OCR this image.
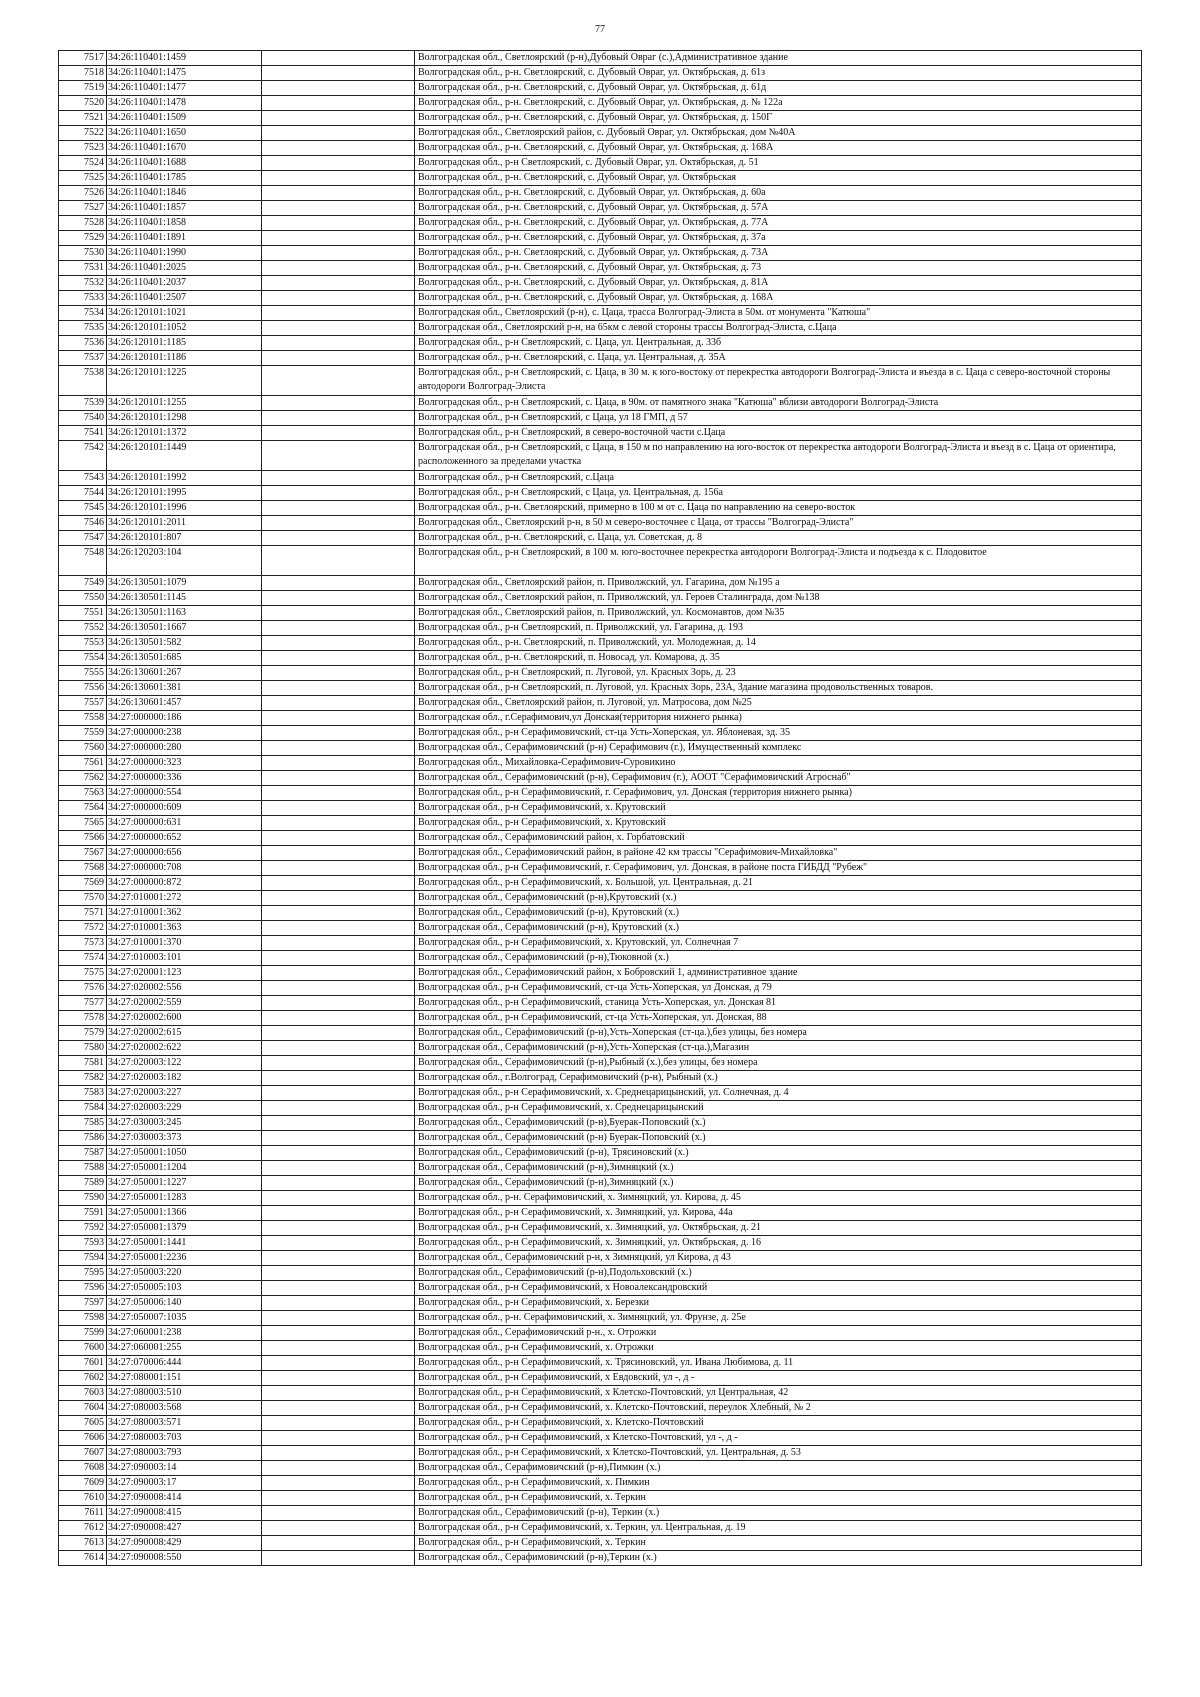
77
7517	34:26:110401:1459		Волгоградская обл., Светлоярский (р-н),Дубовый Овраг (с.),Административное здание
7518	34:26:110401:1475		Волгоградская обл., р-н. Светлоярский, с. Дубовый Овраг, ул. Октябрьская, д. 61з
7519	34:26:110401:1477		Волгоградская обл., р-н. Светлоярский, с. Дубовый Овраг, ул. Октябрьская, д. 61д
7520	34:26:110401:1478		Волгоградская обл., р-н. Светлоярский, с. Дубовый Овраг, ул. Октябрьская, д. № 122а
7521	34:26:110401:1509		Волгоградская обл., р-н. Светлоярский, с. Дубовый Овраг, ул. Октябрьская, д. 150Г
7522	34:26:110401:1650		Волгоградская обл., Светлоярский район, с. Дубовый Овраг, ул. Октябрьская, дом №40А
7523	34:26:110401:1670		Волгоградская обл., р-н. Светлоярский, с. Дубовый Овраг, ул. Октябрьская, д. 168А
7524	34:26:110401:1688		Волгоградская обл., р-н Светлоярский, с. Дубовый Овраг, ул. Октябрьская, д. 51
7525	34:26:110401:1785		Волгоградская обл., р-н. Светлоярский, с. Дубовый Овраг, ул. Октябрьская
7526	34:26:110401:1846		Волгоградская обл., р-н. Светлоярский, с. Дубовый Овраг, ул. Октябрьская, д. 60а
7527	34:26:110401:1857		Волгоградская обл., р-н. Светлоярский, с. Дубовый Овраг, ул. Октябрьская, д. 57А
7528	34:26:110401:1858		Волгоградская обл., р-н. Светлоярский, с. Дубовый Овраг, ул. Октябрьская, д. 77А
7529	34:26:110401:1891		Волгоградская обл., р-н. Светлоярский, с. Дубовый Овраг, ул. Октябрьская, д. 37а
7530	34:26:110401:1990		Волгоградская обл., р-н. Светлоярский, с. Дубовый Овраг, ул. Октябрьская, д. 73А
7531	34:26:110401:2025		Волгоградская обл., р-н. Светлоярский, с. Дубовый Овраг, ул. Октябрьская, д. 73
7532	34:26:110401:2037		Волгоградская обл., р-н. Светлоярский, с. Дубовый Овраг, ул. Октябрьская, д. 81А
7533	34:26:110401:2507		Волгоградская обл., р-н. Светлоярский, с. Дубовый Овраг, ул. Октябрьская, д. 168А
7534	34:26:120101:1021		Волгоградская обл., Светлоярский (р-н), с. Цаца, трасса Волгоград-Элиста в 50м. от монумента "Катюша"
7535	34:26:120101:1052		Волгоградская обл., Светлоярский р-н, на 65км с левой стороны трассы Волгоград-Элиста, с.Цаца
7536	34:26:120101:1185		Волгоградская обл., р-н Светлоярский, с. Цаца, ул. Центральная, д. 33б
7537	34:26:120101:1186		Волгоградская обл., р-н. Светлоярский, с. Цаца, ул. Центральная, д. 35А
7538	34:26:120101:1225		Волгоградская обл., р-н Светлоярский, с. Цаца, в 30 м. к юго-востоку от перекрестка автодороги Волгоград-Элиста и въезда в с. Цаца с северо-восточной стороны автодороги Волгоград-Элиста
7539	34:26:120101:1255		Волгоградская обл., р-н Светлоярский, с. Цаца, в 90м. от памятного знака "Катюша" вблизи автодороги Волгоград-Элиста
7540	34:26:120101:1298		Волгоградская обл., р-н Светлоярский, с Цаца, ул 18 ГМП, д 57
7541	34:26:120101:1372		Волгоградская обл., р-н Светлоярский, в северо-восточной части с.Цаца
7542	34:26:120101:1449		Волгоградская обл., р-н Светлоярский, с Цаца, в 150 м по направлению на юго-восток от перекрестка автодороги Волгоград-Элиста и въезд в с. Цаца от ориентира, расположенного за пределами участка
7543	34:26:120101:1992		Волгоградская обл., р-н Светлоярский, с.Цаца
7544	34:26:120101:1995		Волгоградская обл., р-н Светлоярский, с Цаца, ул. Центральная, д. 156а
7545	34:26:120101:1996		Волгоградская обл., р-н. Светлоярский, примерно в 100 м от с. Цаца по направлению на северо-восток
7546	34:26:120101:2011		Волгоградская обл., Светлоярский р-н, в 50 м северо-восточнее с Цаца, от трассы "Волгоград-Элиста"
7547	34:26:120101:807		Волгоградская обл., р-н. Светлоярский, с. Цаца, ул. Советская, д. 8
7548	34:26:120203:104		Волгоградская обл., р-н Светлоярский, в 100 м. юго-восточнее перекрестка автодороги Волгоград-Элиста и подъезда к с. Плодовитое
7549	34:26:130501:1079		Волгоградская обл., Светлоярский район, п. Приволжский, ул. Гагарина, дом №195 а
7550	34:26:130501:1145		Волгоградская обл., Светлоярский район, п. Приволжский, ул. Героев Сталинграда, дом №138
7551	34:26:130501:1163		Волгоградская обл., Светлоярский район, п. Приволжский, ул. Космонавтов, дом №35
7552	34:26:130501:1667		Волгоградская обл., р-н Светлоярский, п. Приволжский, ул. Гагарина, д. 193
7553	34:26:130501:582		Волгоградская обл., р-н. Светлоярский, п. Приволжский, ул. Молодежная, д. 14
7554	34:26:130501:685		Волгоградская обл., р-н. Светлоярский, п. Новосад, ул. Комарова, д. 35
7555	34:26:130601:267		Волгоградская обл., р-н Светлоярский, п. Луговой, ул. Красных Зорь, д. 23
7556	34:26:130601:381		Волгоградская обл., р-н Светлоярский, п. Луговой, ул. Красных Зорь, 23А, Здание магазина продовольственных товаров.
7557	34:26:130601:457		Волгоградская обл., Светлоярский район, п. Луговой, ул. Матросова, дом №25
7558	34:27:000000:186		Волгоградская обл., г.Серафимович,ул Донская(территория нижнего рынка)
7559	34:27:000000:238		Волгоградская обл., р-н Серафимовичский, ст-ца Усть-Хоперская, ул. Яблоневая, зд. 35
7560	34:27:000000:280		Волгоградская обл., Серафимовичский (р-н) Серафимович (г.), Имущественный комплекс
7561	34:27:000000:323		Волгоградская обл., Михайловка-Серафимович-Суровикино
7562	34:27:000000:336		Волгоградская обл., Серафимовичский (р-н), Серафимович (г.), АООТ "Серафимовичский Агроснаб"
7563	34:27:000000:554		Волгоградская обл., р-н Серафимовичский, г. Серафимович, ул. Донская (территория нижнего рынка)
7564	34:27:000000:609		Волгоградская обл., р-н Серафимовичский, х. Крутовский
7565	34:27:000000:631		Волгоградская обл., р-н Серафимовичский, х. Крутовский
7566	34:27:000000:652		Волгоградская обл., Серафимовичский район, х. Горбатовский
7567	34:27:000000:656		Волгоградская обл., Серафимовичский район, в районе 42 км трассы "Серафимович-Михайловка"
7568	34:27:000000:708		Волгоградская обл., р-н Серафимовичский, г. Серафимович, ул. Донская, в районе поста ГИБДД "Рубеж"
7569	34:27:000000:872		Волгоградская обл., р-н Серафимовичский, х. Большой, ул. Центральная, д. 21
7570	34:27:010001:272		Волгоградская обл., Серафимовичский (р-н),Крутовский (х.)
7571	34:27:010001:362		Волгоградская обл., Серафимовичский (р-н), Крутовский (х.)
7572	34:27:010001:363		Волгоградская обл., Серафимовичский (р-н), Крутовский (х.)
7573	34:27:010001:370		Волгоградская обл., р-н Серафимовичский, х. Крутовский, ул. Солнечная 7
7574	34:27:010003:101		Волгоградская обл., Серафимовичский (р-н),Тюковной (х.)
7575	34:27:020001:123		Волгоградская обл., Серафимовичский район, х Бобровский 1, административное здание
7576	34:27:020002:556		Волгоградская обл., р-н Серафимовичский, ст-ца Усть-Хоперская, ул Донская, д 79
7577	34:27:020002:559		Волгоградская обл., р-н Серафимовичский, станица Усть-Хоперская, ул. Донская 81
7578	34:27:020002:600		Волгоградская обл., р-н Серафимовичский, ст-ца Усть-Хоперская, ул. Донская, 88
7579	34:27:020002:615		Волгоградская обл., Серафимовичский (р-н),Усть-Хоперская (ст-ца.),без улицы, без номера
7580	34:27:020002:622		Волгоградская обл., Серафимовичский (р-н),Усть-Хоперская (ст-ца.),Магазин
7581	34:27:020003:122		Волгоградская обл., Серафимовичский (р-н),Рыбный (х.),без улицы, без номера
7582	34:27:020003:182		Волгоградская обл., г.Волгоград, Серафимовичский (р-н), Рыбный (х.)
7583	34:27:020003:227		Волгоградская обл., р-н Серафимовичский, х. Среднецарицынский, ул. Солнечная, д. 4
7584	34:27:020003:229		Волгоградская обл., р-н Серафимовичский, х. Среднецарицынский
7585	34:27:030003:245		Волгоградская обл., Серафимовичский (р-н),Буерак-Поповский (х.)
7586	34:27:030003:373		Волгоградская обл., Серафимовичский (р-н) Буерак-Поповский (х.)
7587	34:27:050001:1050		Волгоградская обл., Серафимовичский (р-н), Трясиновский (х.)
7588	34:27:050001:1204		Волгоградская обл., Серафимовичский (р-н),Зимняцкий (х.)
7589	34:27:050001:1227		Волгоградская обл., Серафимовичский (р-н),Зимняцкий (х.)
7590	34:27:050001:1283		Волгоградская обл., р-н. Серафимовичский, х. Зимняцкий, ул. Кирова, д. 45
7591	34:27:050001:1366		Волгоградская обл., р-н Серафимовичский, х. Зимняцкий, ул. Кирова, 44а
7592	34:27:050001:1379		Волгоградская обл., р-н Серафимовичский, х. Зимняцкий, ул. Октябрьская, д. 21
7593	34:27:050001:1441		Волгоградская обл., р-н Серафимовичский, х. Зимняцкий, ул. Октябрьская, д. 16
7594	34:27:050001:2236		Волгоградская обл., Серафимовичский р-н, х Зимняцкий, ул Кирова, д 43
7595	34:27:050003:220		Волгоградская обл., Серафимовичский (р-н),Подольховский (х.)
7596	34:27:050005:103		Волгоградская обл., р-н Серафимовичский, х Новоалександровский
7597	34:27:050006:140		Волгоградская обл., р-н Серафимовичский, х. Березки
7598	34:27:050007:1035		Волгоградская обл., р-н. Серафимовичский, х. Зимняцкий, ул. Фрунзе, д. 25е
7599	34:27:060001:238		Волгоградская обл., Серафимовичский р-н., х. Отрожки
7600	34:27:060001:255		Волгоградская обл., р-н Серафимовичский, х. Отрожки
7601	34:27:070006:444		Волгоградская обл., р-н Серафимовичский, х. Трясиновский, ул. Ивана Любимова, д. 11
7602	34:27:080001:151		Волгоградская обл., р-н Серафимовичский, х Евдовский, ул -, д -
7603	34:27:080003:510		Волгоградская обл., р-н Серафимовичский, х Клетско-Почтовский, ул Центральная, 42
7604	34:27:080003:568		Волгоградская обл., р-н Серафимовичский, х. Клетско-Почтовский, переулок Хлебный, № 2
7605	34:27:080003:571		Волгоградская обл., р-н Серафимовичский, х. Клетско-Почтовский
7606	34:27:080003:703		Волгоградская обл., р-н Серафимовичский, х Клетско-Почтовский, ул -, д -
7607	34:27:080003:793		Волгоградская обл., р-н Серафимовичский, х Клетско-Почтовский, ул. Центральная, д. 53
7608	34:27:090003:14		Волгоградская обл., Серафимовичский (р-н),Пимкин (х.)
7609	34:27:090003:17		Волгоградская обл., р-н Серафимовичский, х. Пимкин
7610	34:27:090008:414		Волгоградская обл., р-н Серафимовичский, х. Теркин
7611	34:27:090008:415		Волгоградская обл., Серафимовичский (р-н), Теркин (х.)
7612	34:27:090008:427		Волгоградская обл., р-н Серафимовичский, х. Теркин, ул. Центральная, д. 19
7613	34:27:090008:429		Волгоградская обл., р-н Серафимовичский, х. Теркин
7614	34:27:090008:550		Волгоградская обл., Серафимовичский (р-н),Теркин (х.)
